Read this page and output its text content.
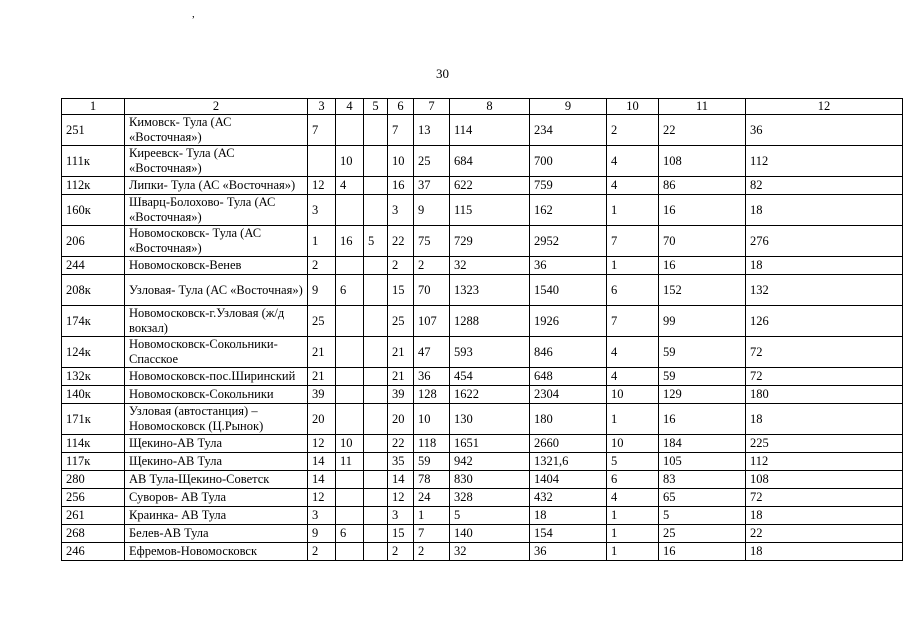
,
30
1	2	3	4	5	6	7	8	9	10	11	12
251	Кимовск- Тула (АС «Восточная»)	7			7	13	114	234	2	22	36
111к	Киреевск- Тула (АС «Восточная»)		10		10	25	684	700	4	108	112
112к	Липки- Тула (АС «Восточная»)	12	4		16	37	622	759	4	86	82
160к	Шварц-Болохово- Тула (АС «Восточная»)	3			3	9	115	162	1	16	18
206	Новомосковск- Тула (АС «Восточная»)	1	16	5	22	75	729	2952	7	70	276
244	Новомосковск-Венев	2			2	2	32	36	1	16	18
208к	Узловая- Тула (АС «Восточная»)	9	6		15	70	1323	1540	6	152	132
174к	Новомосковск-г.Узловая (ж/д вокзал)	25			25	107	1288	1926	7	99	126
124к	Новомосковск-Сокольники-Спасское	21			21	47	593	846	4	59	72
132к	Новомосковск-пос.Ширинский	21			21	36	454	648	4	59	72
140к	Новомосковск-Сокольники	39			39	128	1622	2304	10	129	180
171к	Узловая (автостанция) – Новомосковск (Ц.Рынок)	20			20	10	130	180	1	16	18
114к	Щекино-АВ Тула	12	10		22	118	1651	2660	10	184	225
117к	Щекино-АВ Тула	14	11		35	59	942	1321,6	5	105	112
280	АВ Тула-Щекино-Советск	14			14	78	830	1404	6	83	108
256	Суворов- АВ Тула	12			12	24	328	432	4	65	72
261	Краинка- АВ Тула	3			3	1	5	18	1	5	18
268	Белев-АВ Тула	9	6		15	7	140	154	1	25	22
246	Ефремов-Новомосковск	2			2	2	32	36	1	16	18
